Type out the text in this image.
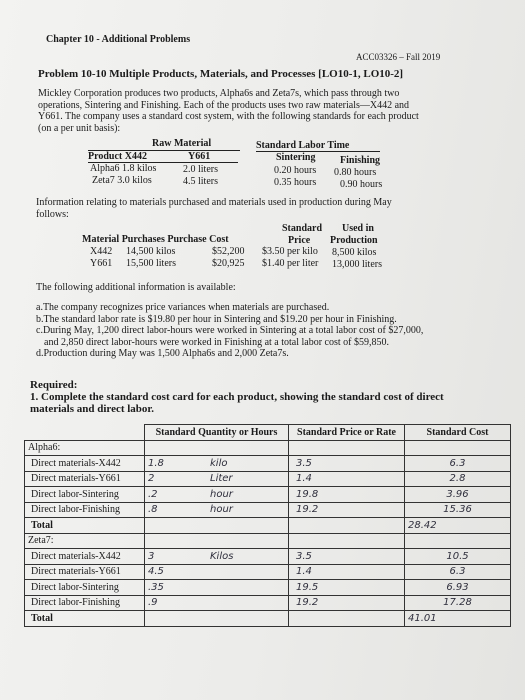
Chapter 10 - Additional Problems
ACC03326 – Fall 2019
Problem 10-10 Multiple Products, Materials, and Processes [LO10-1, LO10-2]
Mickley Corporation produces two products, Alpha6s and Zeta7s, which pass through two
operations, Sintering and Finishing. Each of the products uses two raw materials—X442 and
Y661. The company uses a standard cost system, with the following standards for each product
(on a per unit basis):
Raw Material	Standard Labor Time
Product X442	Y661	Sintering Finishing
Alpha6 1.8 kilos	2.0 liters	0.20 hours 0.80 hours
Zeta7 3.0 kilos	4.5 liters	0.35 hours 0.90 hours
Information relating to materials purchased and materials used in production during May
follows:
Standard Used in
Material Purchases Purchase Cost	Price Production
X442 14,500 kilos	$52,200 $3.50 per kilo 8,500 kilos
Y661 15,500 liters	$20,925 $1.40 per liter 13,000 liters
The following additional information is available:
a.The company recognizes price variances when materials are purchased.
b.The standard labor rate is $19.80 per hour in Sintering and $19.20 per hour in Finishing.
c.During May, 1,200 direct labor-hours were worked in Sintering at a total labor cost of $27,000,
and 2,850 direct labor-hours were worked in Finishing at a total labor cost of $59,850.
d.Production during May was 1,500 Alpha6s and 2,000 Zeta7s.
Required:
1. Complete the standard cost card for each product, showing the standard cost of direct
materials and direct labor.
	Standard Quantity or Hours	Standard Price or Rate	Standard Cost
Alpha6:			
Direct materials-X442	1.8 kilo	3.5	6.3
Direct materials-Y661	2 Liter	1.4	2.8
Direct labor-Sintering	.2 hour	19.8	3.96
Direct labor-Finishing	.8 hour	19.2	15.36
Total			28.42
Zeta7:			
Direct materials-X442	3 Kilos	3.5	10.5
Direct materials-Y661	4.5	1.4	6.3
Direct labor-Sintering	.35	19.5	6.93
Direct labor-Finishing	.9	19.2	17.28
Total			41.01
